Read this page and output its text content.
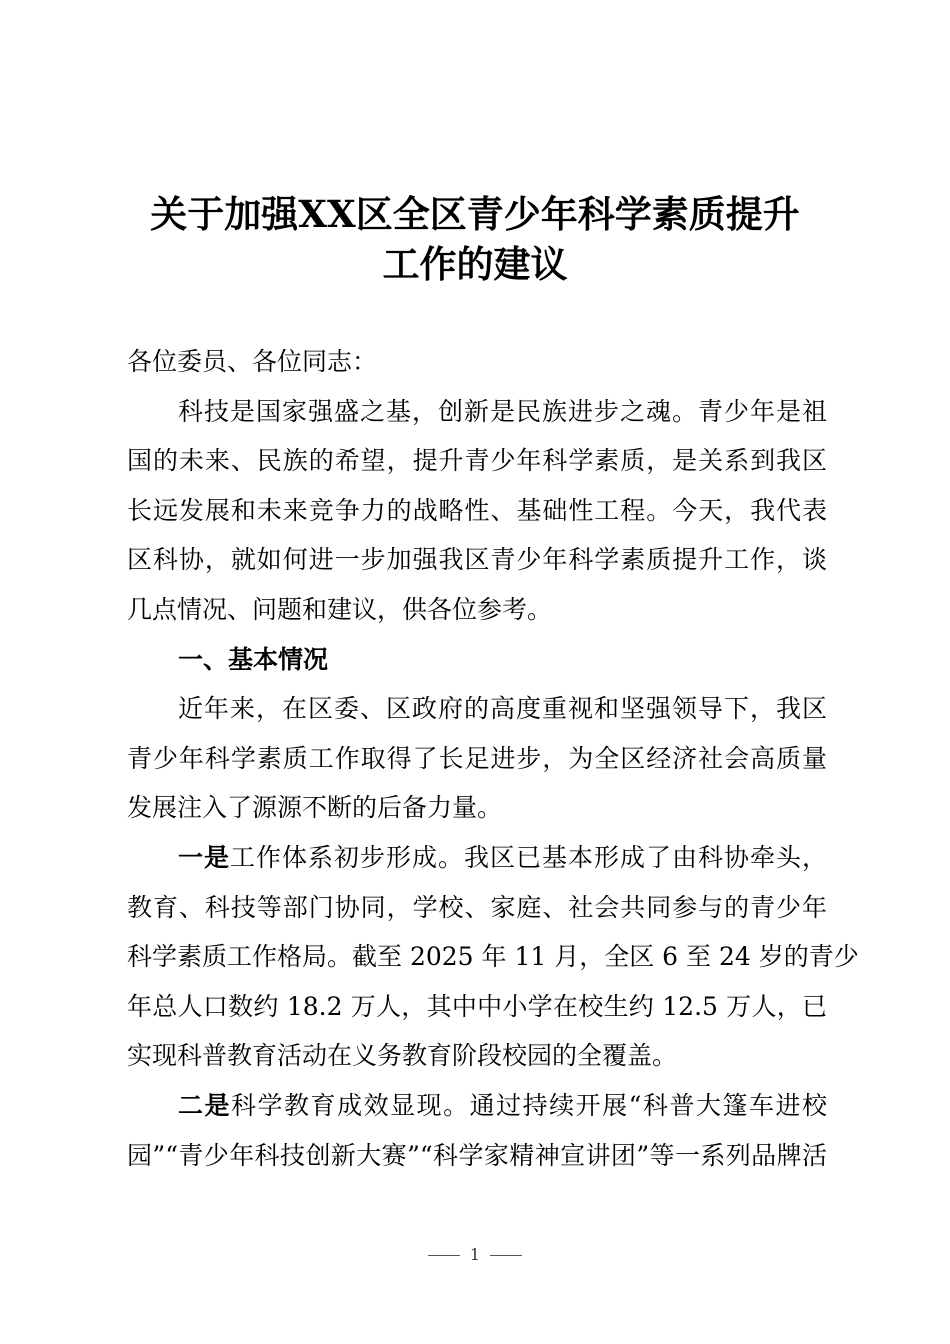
关于加强XX区全区青少年科学素质提升
工作的建议
各位委员、各位同志：
科技是国家强盛之基，创新是民族进步之魂。青少年是祖
国的未来、民族的希望，提升青少年科学素质，是关系到我区
长远发展和未来竞争力的战略性、基础性工程。今天，我代表
区科协，就如何进一步加强我区青少年科学素质提升工作，谈
几点情况、问题和建议，供各位参考。
一、基本情况
近年来，在区委、区政府的高度重视和坚强领导下，我区
青少年科学素质工作取得了长足进步，为全区经济社会高质量
发展注入了源源不断的后备力量。
一是工作体系初步形成。我区已基本形成了由科协牵头，
教育、科技等部门协同，学校、家庭、社会共同参与的青少年
科学素质工作格局。截至 2025 年 11 月，全区 6 至 24 岁的青少
年总人口数约 18.2 万人，其中中小学在校生约 12.5 万人，已
实现科普教育活动在义务教育阶段校园的全覆盖。
二是科学教育成效显现。通过持续开展“科普大篷车进校
园”“青少年科技创新大赛”“科学家精神宣讲团”等一系列品牌活
1
